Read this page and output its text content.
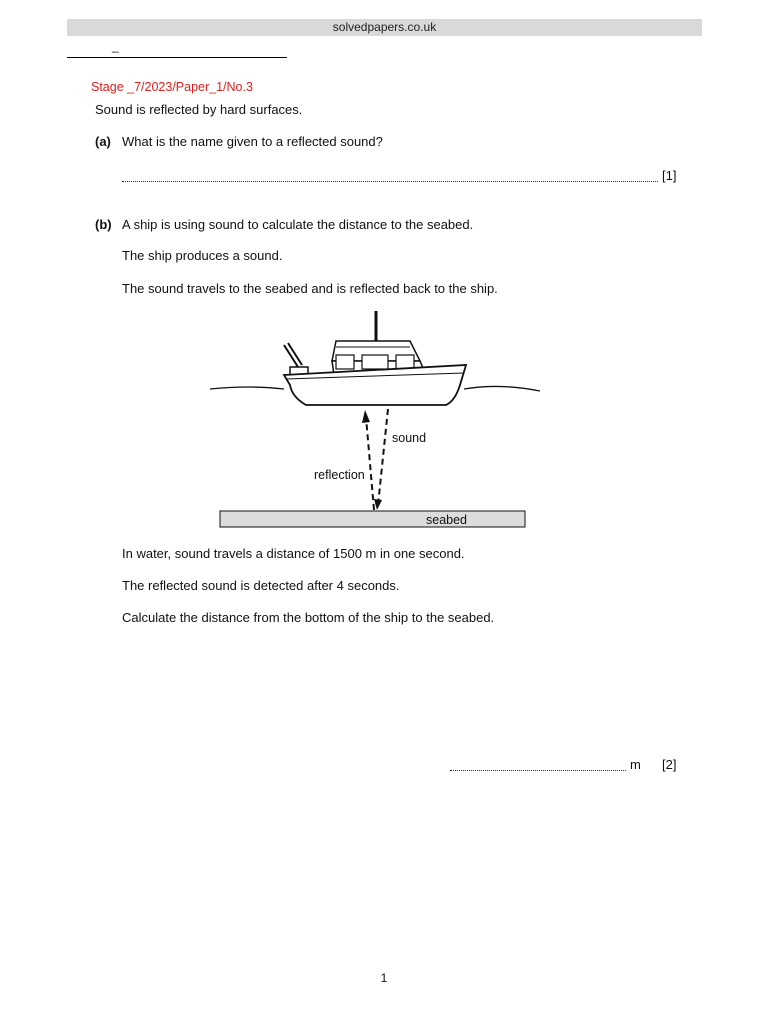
solvedpapers.co.uk
_
Stage _7/2023/Paper_1/No.3
Sound is reflected by hard surfaces.
(a) What is the name given to a reflected sound?
[1]
(b) A ship is using sound to calculate the distance to the seabed.
The ship produces a sound.
The sound travels to the seabed and is reflected back to the ship.
sound
reflection
seabed
In water, sound travels a distance of 1500 m in one second.
The reflected sound is detected after 4 seconds.
Calculate the distance from the bottom of the ship to the seabed.
m [2]
1
